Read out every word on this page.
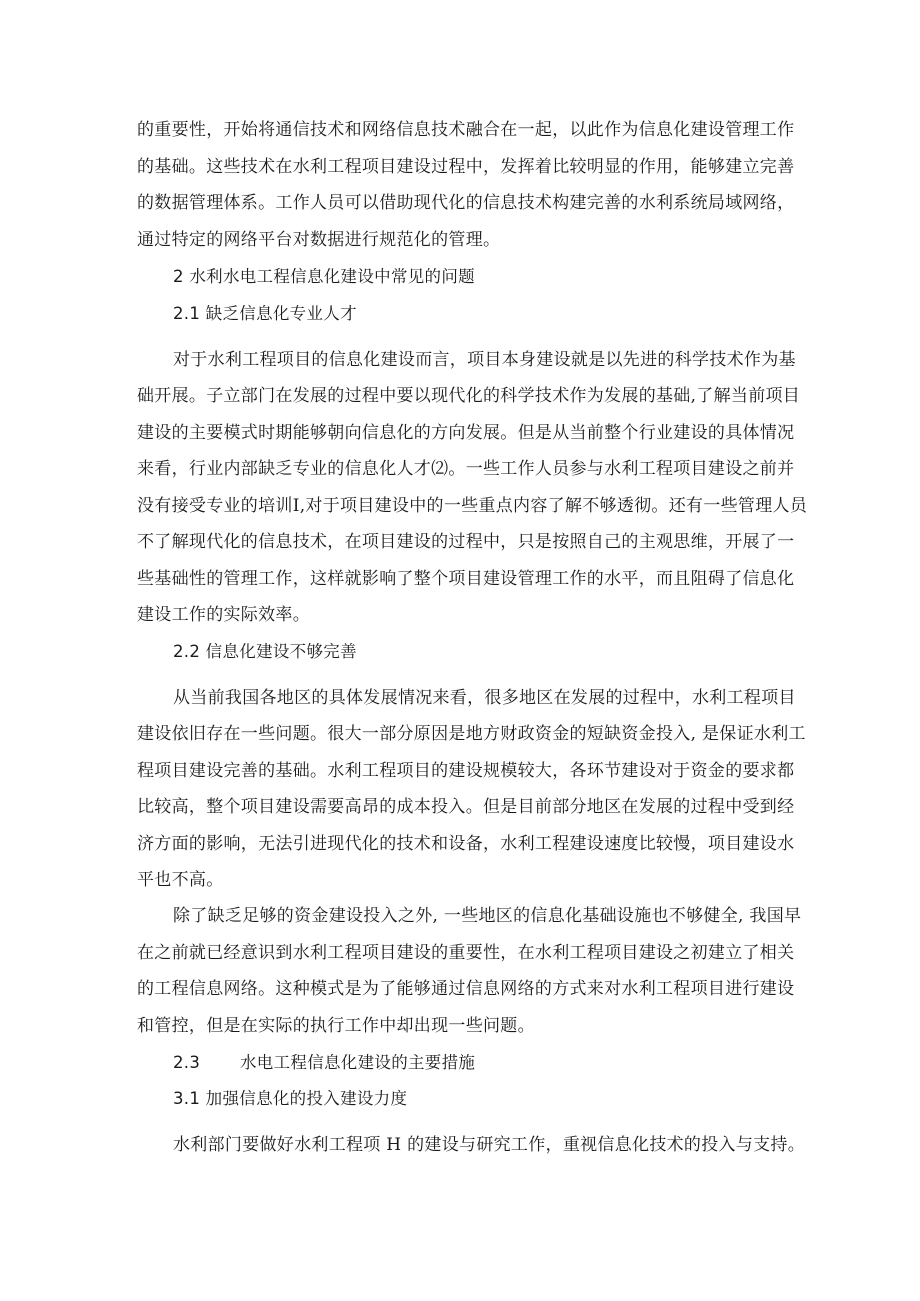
的重要性，开始将通信技术和网络信息技术融合在一起，以此作为信息化建设管理工作
的基础。这些技术在水利工程项目建设过程中，发挥着比较明显的作用，能够建立完善
的数据管理体系。工作人员可以借助现代化的信息技术构建完善的水利系统局域网络，
通过特定的网络平台对数据进行规范化的管理。
2 水利水电工程信息化建设中常见的问题
2.1 缺乏信息化专业人才
对于水利工程项目的信息化建设而言，项目本身建设就是以先进的科学技术作为基
础开展。子立部门在发展的过程中要以现代化的科学技术作为发展的基础,了解当前项目
建设的主要模式时期能够朝向信息化的方向发展。但是从当前整个行业建设的具体情况
来看，行业内部缺乏专业的信息化人才⑵。一些工作人员参与水利工程项目建设之前并
没有接受专业的培训I,对于项目建设中的一些重点内容了解不够透彻。还有一些管理人员
不了解现代化的信息技术，在项目建设的过程中，只是按照自己的主观思维，开展了一
些基础性的管理工作，这样就影响了整个项目建设管理工作的水平，而且阻碍了信息化
建设工作的实际效率。
2.2 信息化建设不够完善
从当前我国各地区的具体发展情况来看，很多地区在发展的过程中，水利工程项目
建设依旧存在一些问题。很大一部分原因是地方财政资金的短缺资金投入, 是保证水利工
程项目建设完善的基础。水利工程项目的建设规模较大，各环节建设对于资金的要求都
比较高，整个项目建设需要高昂的成本投入。但是目前部分地区在发展的过程中受到经
济方面的影响，无法引进现代化的技术和设备，水利工程建设速度比较慢，项目建设水
平也不高。
除了缺乏足够的资金建设投入之外, 一些地区的信息化基础设施也不够健全, 我国早
在之前就已经意识到水利工程项目建设的重要性，在水利工程项目建设之初建立了相关
的工程信息网络。这种模式是为了能够通过信息网络的方式来对水利工程项目进行建设
和管控，但是在实际的执行工作中却出现一些问题。
2.3 水电工程信息化建设的主要措施
3.1 加强信息化的投入建设力度
水利部门要做好水利工程项 H 的建设与研究工作，重视信息化技术的投入与支持。
